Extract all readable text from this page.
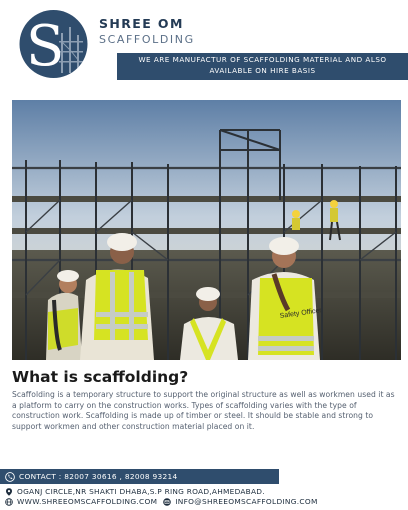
S	SHREE OM
SCAFFOLDING
WE ARE MANUFACTUR OF SCAFFOLDING MATERIAL AND ALSO
AVAILABLE ON HIRE BASIS
Safety Officer
What is scaffolding?
Scaffolding is a temporary structure to support the original structure as well as workmen used it as a platform to carry on the construction works. Types of scaffolding varies with the type of construction work. Scaffolding is made up of timber or steel. It should be stable and strong to support workmen and other construction material placed on it.
CONTACT : 82007 30616 , 82008 93214
OGANJ CIRCLE,NR SHAKTI DHABA,S.P RING ROAD,AHMEDABAD.
WWW.SHREEOMSCAFFOLDING.COM INFO@SHREEOMSCAFFOLDING.COM
